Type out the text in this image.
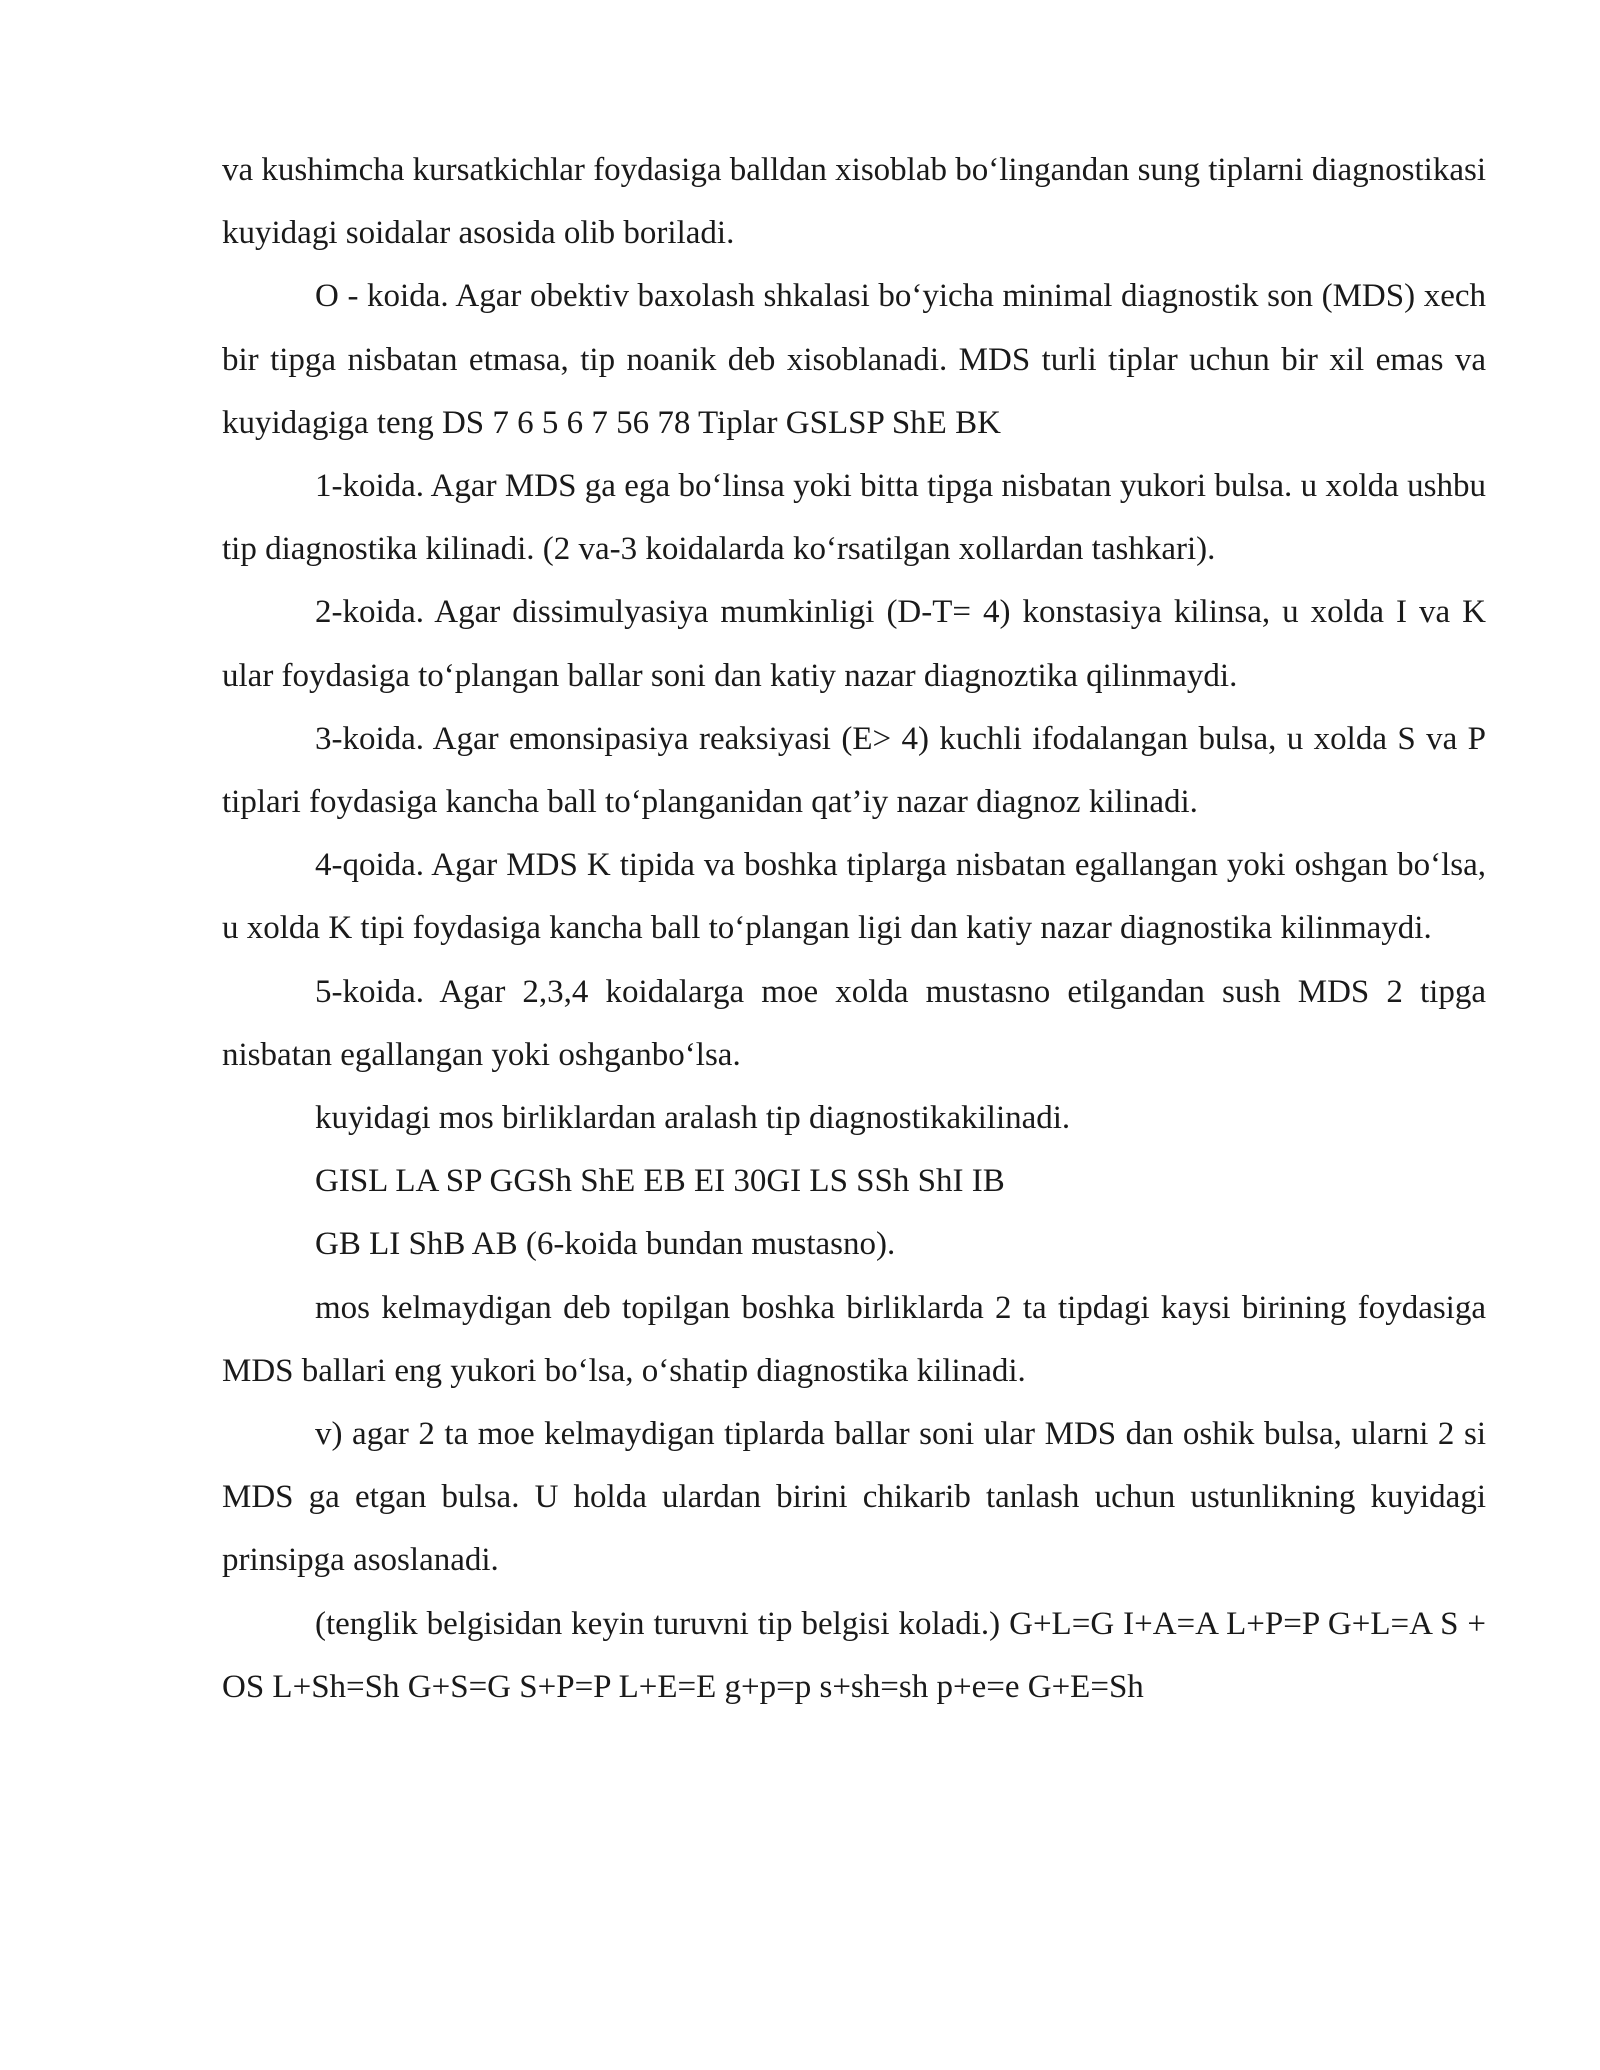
va kushimcha kursatkichlar foydasiga balldan xisoblab bo‘lingandan sung tiplarni diagnostikasi kuyidagi soidalar asosida olib boriladi.

O - koida. Agar obektiv baxolash shkalasi bo‘yicha minimal diagnostik son (MDS) xech bir tipga nisbatan etmasa, tip noanik deb xisoblanadi. MDS turli tiplar uchun bir xil emas va kuyidagiga teng DS 7 6 5 6 7 56 78 Tiplar GSLSP ShE BK

1-koida. Agar MDS ga ega bo‘linsa yoki bitta tipga nisbatan yukori bulsa. u xolda ushbu tip diagnostika kilinadi. (2 va-3 koidalarda ko‘rsatilgan xollardan tashkari).

2-koida. Agar dissimulyasiya mumkinligi (D-T= 4) konstasiya kilinsa, u xolda I va K ular foydasiga to‘plangan ballar soni dan katiy nazar diagnoztika qilinmaydi.

3-koida. Agar emonsipasiya reaksiyasi (E> 4) kuchli ifodalangan bulsa, u xolda S va P tiplari foydasiga kancha ball to‘planganidan qat’iy nazar diagnoz kilinadi.

4-qoida. Agar MDS K tipida va boshka tiplarga nisbatan egallangan yoki oshgan bo‘lsa, u xolda K tipi foydasiga kancha ball to‘plangan ligi dan katiy nazar diagnostika kilinmaydi.

5-koida. Agar 2,3,4 koidalarga moe xolda mustasno etilgandan sush MDS 2 tipga nisbatan egallangan yoki oshganbo‘lsa.

kuyidagi mos birliklardan aralash tip diagnostikakilinadi.

GISL LA SP GGSh ShE EB EI 30GI LS SSh ShI IB

GB LI ShB AB (6-koida bundan mustasno).

mos kelmaydigan deb topilgan boshka birliklarda 2 ta tipdagi kaysi birining foydasiga MDS ballari eng yukori bo‘lsa, o‘shatip diagnostika kilinadi.

v) agar 2 ta moe kelmaydigan tiplarda ballar soni ular MDS dan oshik bulsa, ularni 2 si MDS ga etgan bulsa. U holda ulardan birini chikarib tanlash uchun ustunlikning kuyidagi prinsipga asoslanadi.

(tenglik belgisidan keyin turuvni tip belgisi koladi.) G+L=G I+A=A L+P=P G+L=A S + OS L+Sh=Sh G+S=G S+P=P L+E=E g+p=p s+sh=sh p+e=e G+E=Sh
